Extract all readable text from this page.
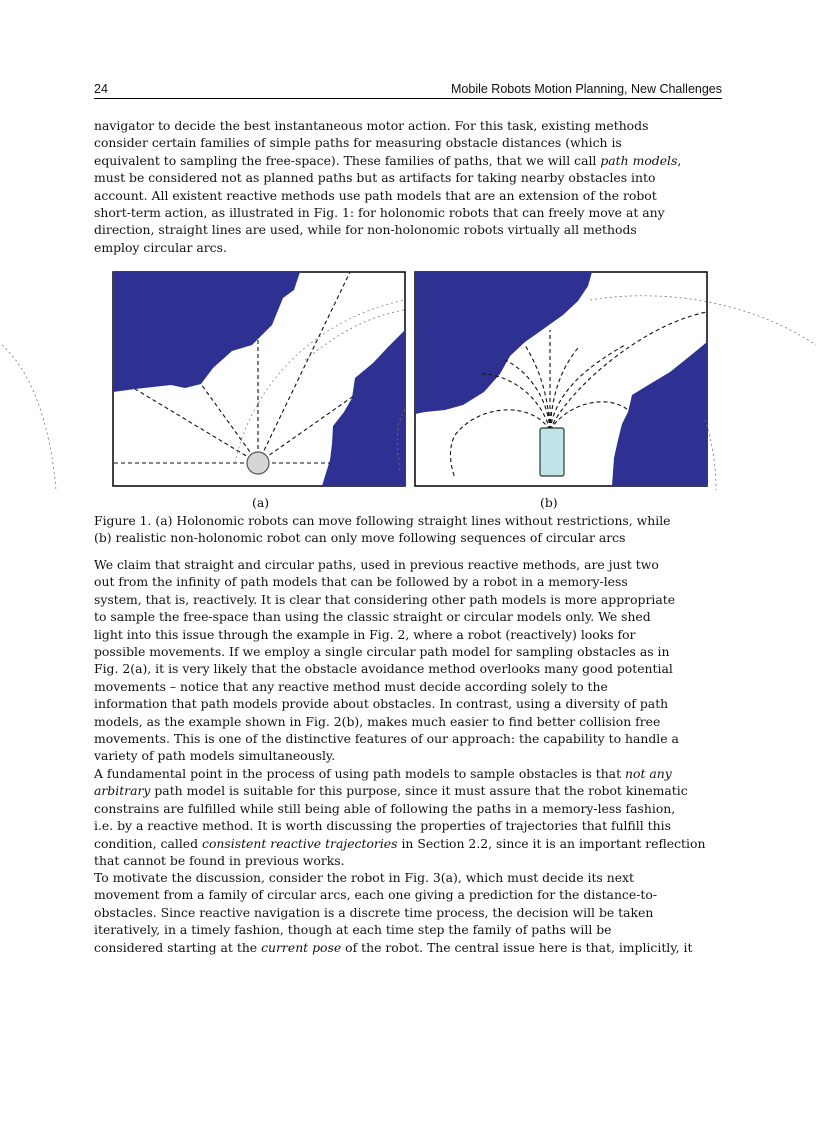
24	Mobile Robots Motion Planning, New Challenges
navigator to decide the best instantaneous motor action. For this task, existing methods
consider certain families of simple paths for measuring obstacle distances (which is
equivalent to sampling the free-space). These families of paths, that we will call path models,
must be considered not as planned paths but as artifacts for taking nearby obstacles into
account. All existent reactive methods use path models that are an extension of the robot
short-term action, as illustrated in Fig. 1: for holonomic robots that can freely move at any
direction, straight lines are used, while for non-holonomic robots virtually all methods
employ circular arcs.
(a)	(b)
Figure 1. (a) Holonomic robots can move following straight lines without restrictions, while
(b) realistic non-holonomic robot can only move following sequences of circular arcs
We claim that straight and circular paths, used in previous reactive methods, are just two
out from the infinity of path models that can be followed by a robot in a memory-less
system, that is, reactively. It is clear that considering other path models is more appropriate
to sample the free-space than using the classic straight or circular models only. We shed
light into this issue through the example in Fig. 2, where a robot (reactively) looks for
possible movements. If we employ a single circular path model for sampling obstacles as in
Fig. 2(a), it is very likely that the obstacle avoidance method overlooks many good potential
movements – notice that any reactive method must decide according solely to the
information that path models provide about obstacles. In contrast, using a diversity of path
models, as the example shown in Fig. 2(b), makes much easier to find better collision free
movements. This is one of the distinctive features of our approach: the capability to handle a
variety of path models simultaneously.
A fundamental point in the process of using path models to sample obstacles is that not any
arbitrary path model is suitable for this purpose, since it must assure that the robot kinematic
constrains are fulfilled while still being able of following the paths in a memory-less fashion,
i.e. by a reactive method. It is worth discussing the properties of trajectories that fulfill this
condition, called consistent reactive trajectories in Section 2.2, since it is an important reflection
that cannot be found in previous works.
To motivate the discussion, consider the robot in Fig. 3(a), which must decide its next
movement from a family of circular arcs, each one giving a prediction for the distance-to-
obstacles. Since reactive navigation is a discrete time process, the decision will be taken
iteratively, in a timely fashion, though at each time step the family of paths will be
considered starting at the current pose of the robot. The central issue here is that, implicitly, it
